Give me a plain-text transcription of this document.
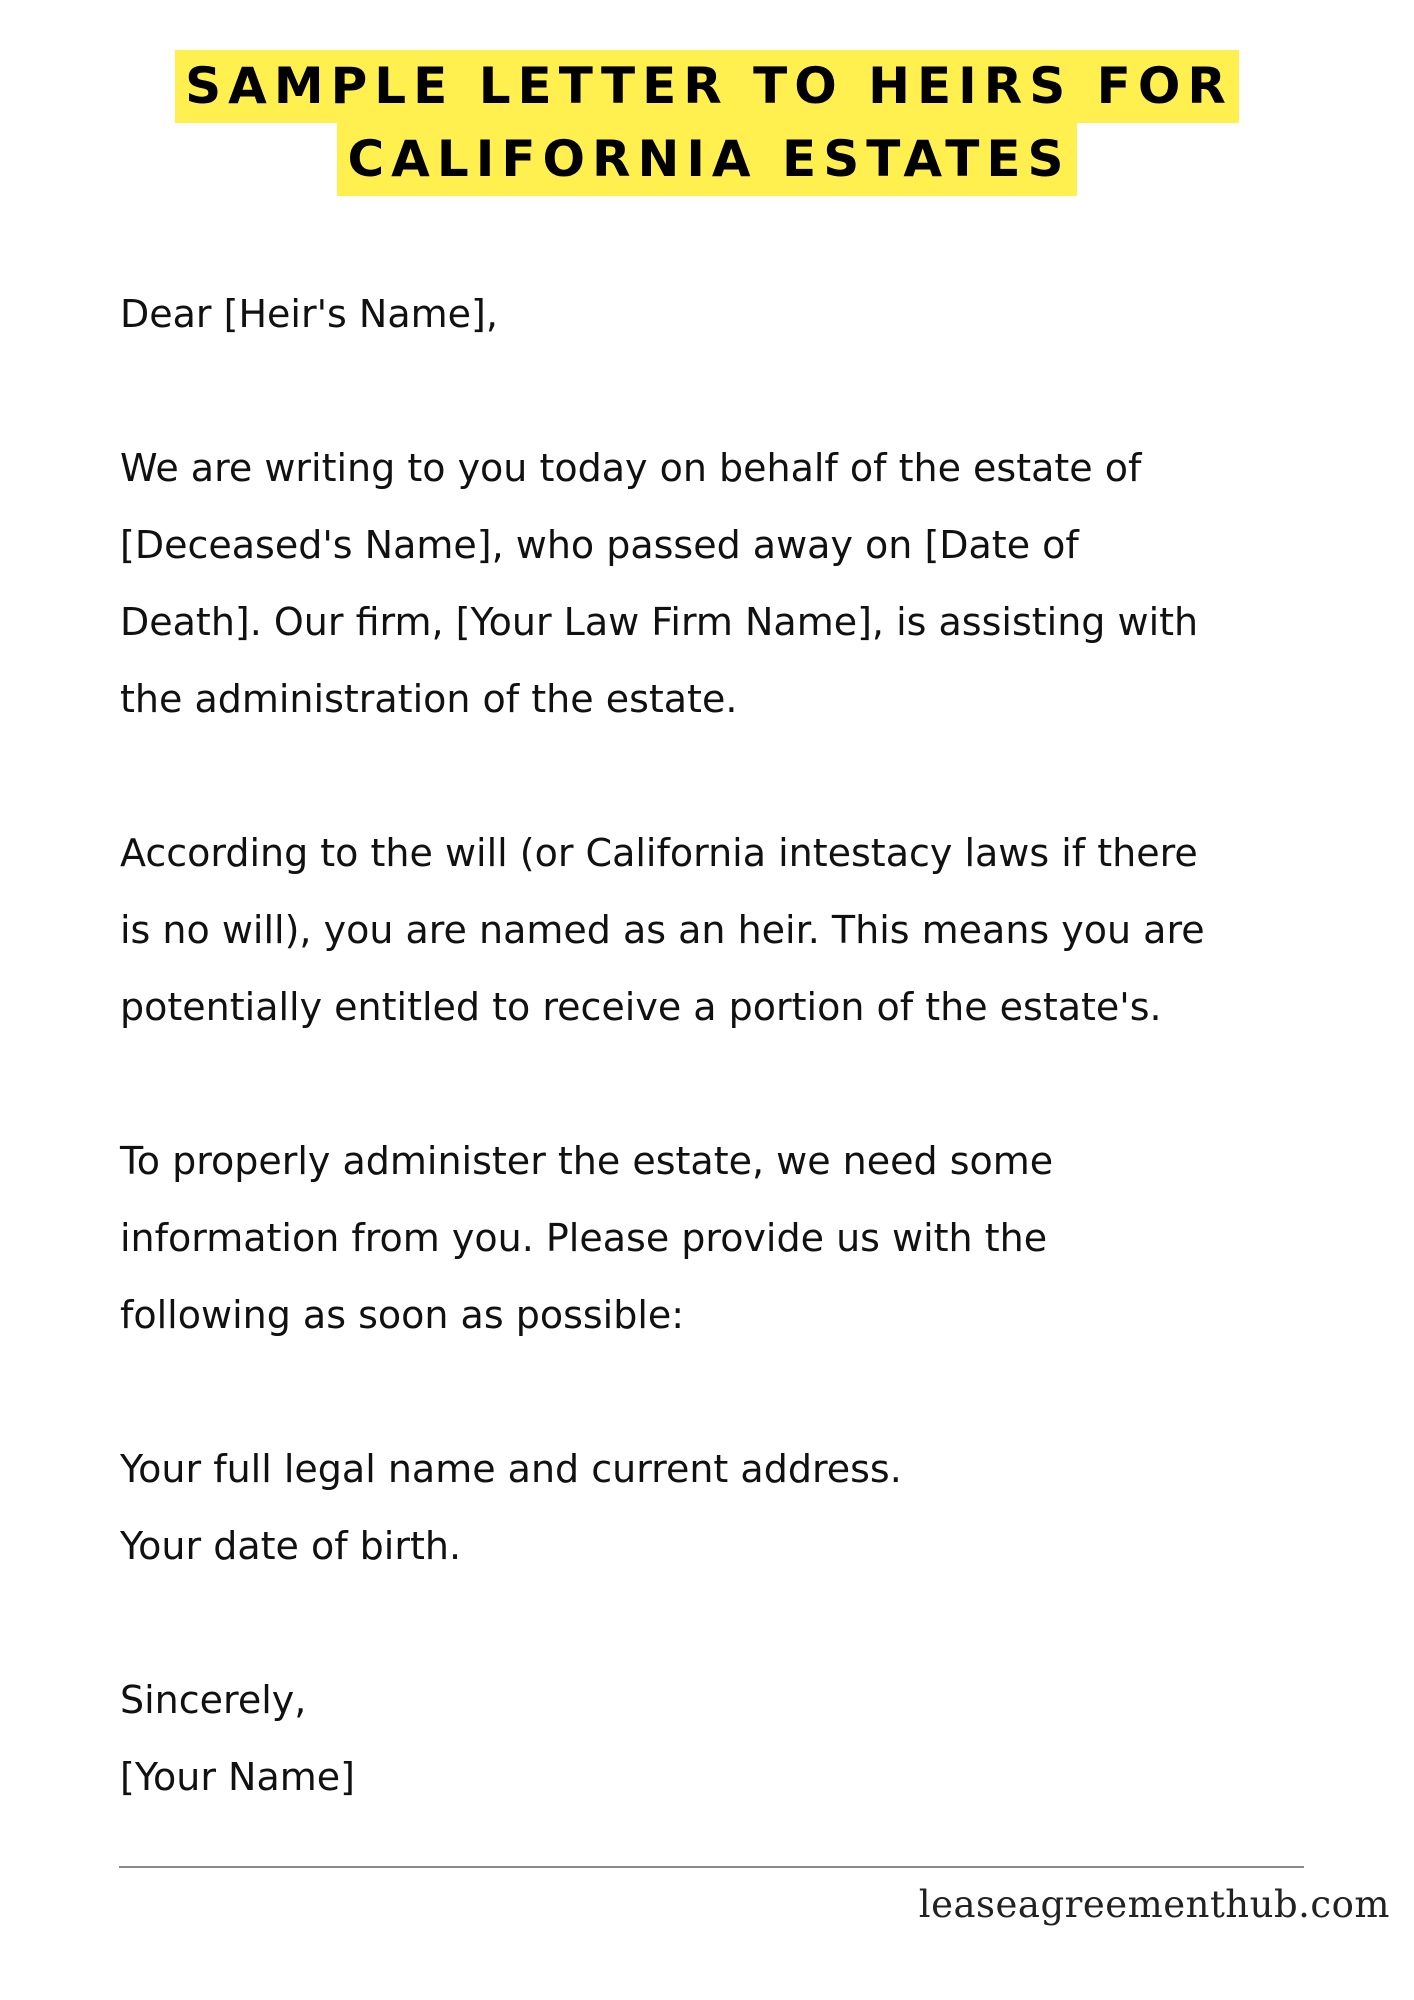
SAMPLE LETTER TO HEIRS FOR
CALIFORNIA ESTATES

Dear [Heir's Name],

We are writing to you today on behalf of the estate of

[Deceased's Name], who passed away on [Date of

Death]. Our firm, [Your Law Firm Name], is assisting with

the administration of the estate.

According to the will (or California intestacy laws if there

is no will), you are named as an heir. This means you are

potentially entitled to receive a portion of the estate's.

To properly administer the estate, we need some

information from you. Please provide us with the

following as soon as possible:

Your full legal name and current address.

Your date of birth.

Sincerely,

[Your Name]

leaseagreementhub.com
